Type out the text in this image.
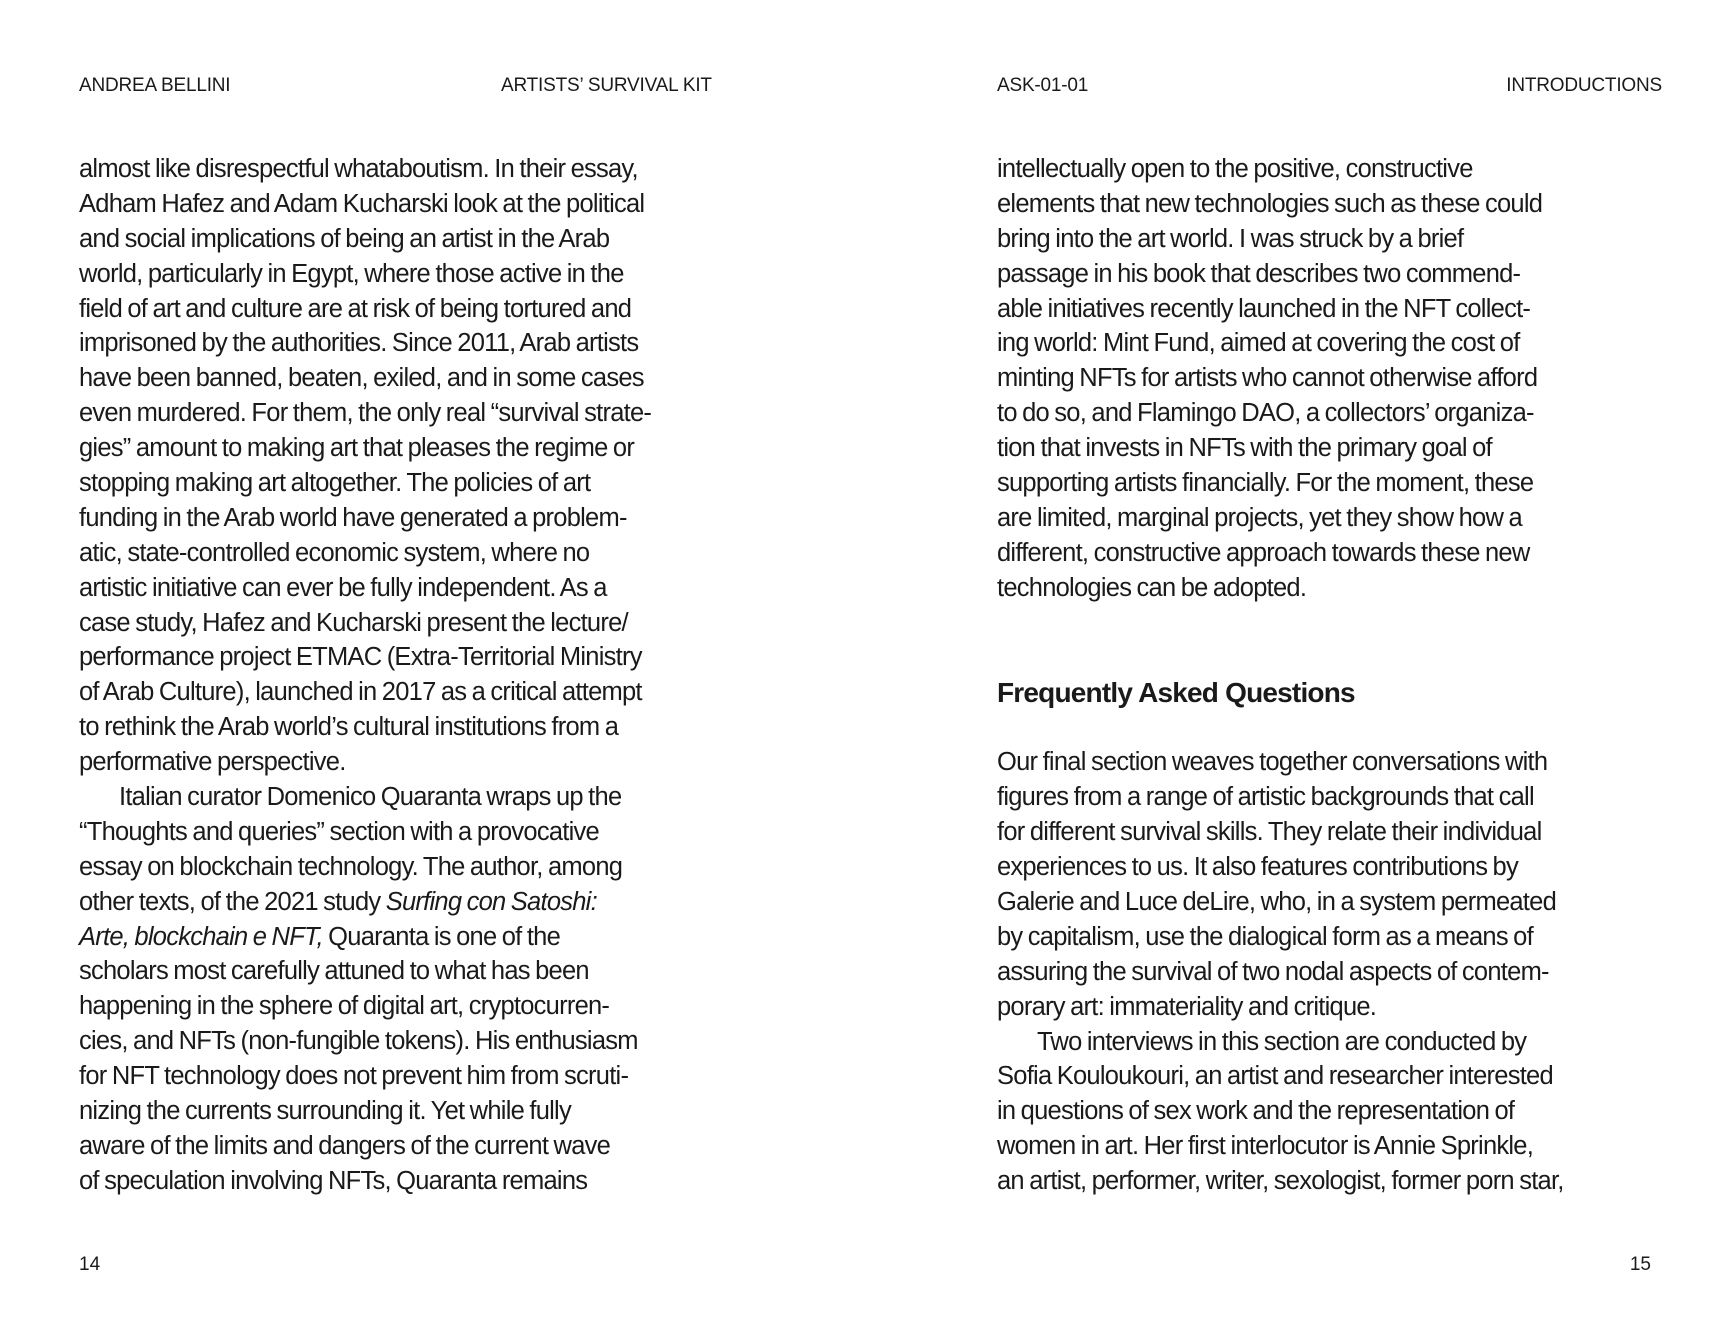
ANDREA BELLINI	ARTISTS’ SURVIVAL KIT
almost like disrespectful whataboutism. In their essay,
Adham Hafez and Adam Kucharski look at the political
and social implications of being an artist in the Arab
world, particularly in Egypt, where those active in the
field of art and culture are at risk of being tortured and
imprisoned by the authorities. Since 2011, Arab artists
have been banned, beaten, exiled, and in some cases
even murdered. For them, the only real “survival strate-
gies” amount to making art that pleases the regime or
stopping making art altogether. The policies of art
funding in the Arab world have generated a problem-
atic, state-controlled economic system, where no
artistic initiative can ever be fully independent. As a
case study, Hafez and Kucharski present the lecture/
performance project ETMAC (Extra-Territorial Ministry
of Arab Culture), launched in 2017 as a critical attempt
to rethink the Arab world’s cultural institutions from a
performative perspective.
Italian curator Domenico Quaranta wraps up the
“Thoughts and queries” section with a provocative
essay on blockchain technology. The author, among
other texts, of the 2021 study Surfing con Satoshi:
Arte, blockchain e NFT, Quaranta is one of the
scholars most carefully attuned to what has been
happening in the sphere of digital art, cryptocurren-
cies, and NFTs (non-fungible tokens). His enthusiasm
for NFT technology does not prevent him from scruti-
nizing the currents surrounding it. Yet while fully
aware of the limits and dangers of the current wave
of speculation involving NFTs, Quaranta remains
14
ASK-01-01	INTRODUCTIONS
intellectually open to the positive, constructive
elements that new technologies such as these could
bring into the art world. I was struck by a brief
passage in his book that describes two commend-
able initiatives recently launched in the NFT collect-
ing world: Mint Fund, aimed at covering the cost of
minting NFTs for artists who cannot otherwise afford
to do so, and Flamingo DAO, a collectors’ organiza-
tion that invests in NFTs with the primary goal of
supporting artists financially. For the moment, these
are limited, marginal projects, yet they show how a
different, constructive approach towards these new
technologies can be adopted.
Frequently Asked Questions
Our final section weaves together conversations with
figures from a range of artistic backgrounds that call
for different survival skills. They relate their individual
experiences to us. It also features contributions by
Galerie and Luce deLire, who, in a system permeated
by capitalism, use the dialogical form as a means of
assuring the survival of two nodal aspects of contem-
porary art: immateriality and critique.
Two interviews in this section are conducted by
Sofia Kouloukouri, an artist and researcher interested
in questions of sex work and the representation of
women in art. Her first interlocutor is Annie Sprinkle,
an artist, performer, writer, sexologist, former porn star,
15
